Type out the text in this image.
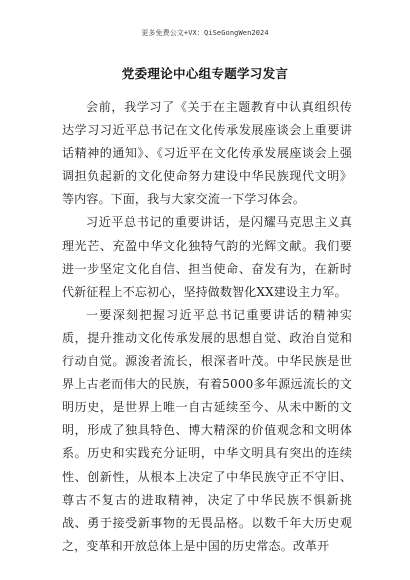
更多免费公文+VX：QiSeGongWen2024
党委理论中心组专题学习发言

会前，我学习了《关于在主题教育中认真组织传达学习习近平总书记在文化传承发展座谈会上重要讲话精神的通知》、《习近平在文化传承发展座谈会上强调担负起新的文化使命努力建设中华民族现代文明》等内容。下面，我与大家交流一下学习体会。

习近平总书记的重要讲话，是闪耀马克思主义真理光芒、充盈中华文化独特气韵的光辉文献。我们要进一步坚定文化自信、担当使命、奋发有为，在新时代新征程上不忘初心，坚持做数智化XX建设主力军。

一要深刻把握习近平总书记重要讲话的精神实质，提升推动文化传承发展的思想自觉、政治自觉和行动自觉。源浚者流长，根深者叶茂。中华民族是世界上古老而伟大的民族，有着5000多年源远流长的文明历史，是世界上唯一自古延续至今、从未中断的文明，形成了独具特色、博大精深的价值观念和文明体系。历史和实践充分证明，中华文明具有突出的连续性、创新性，从根本上决定了中华民族守正不守旧、尊古不复古的进取精神，决定了中华民族不惧新挑战、勇于接受新事物的无畏品格。以数千年大历史观之，变革和开放总体上是中国的历史常态。改革开
